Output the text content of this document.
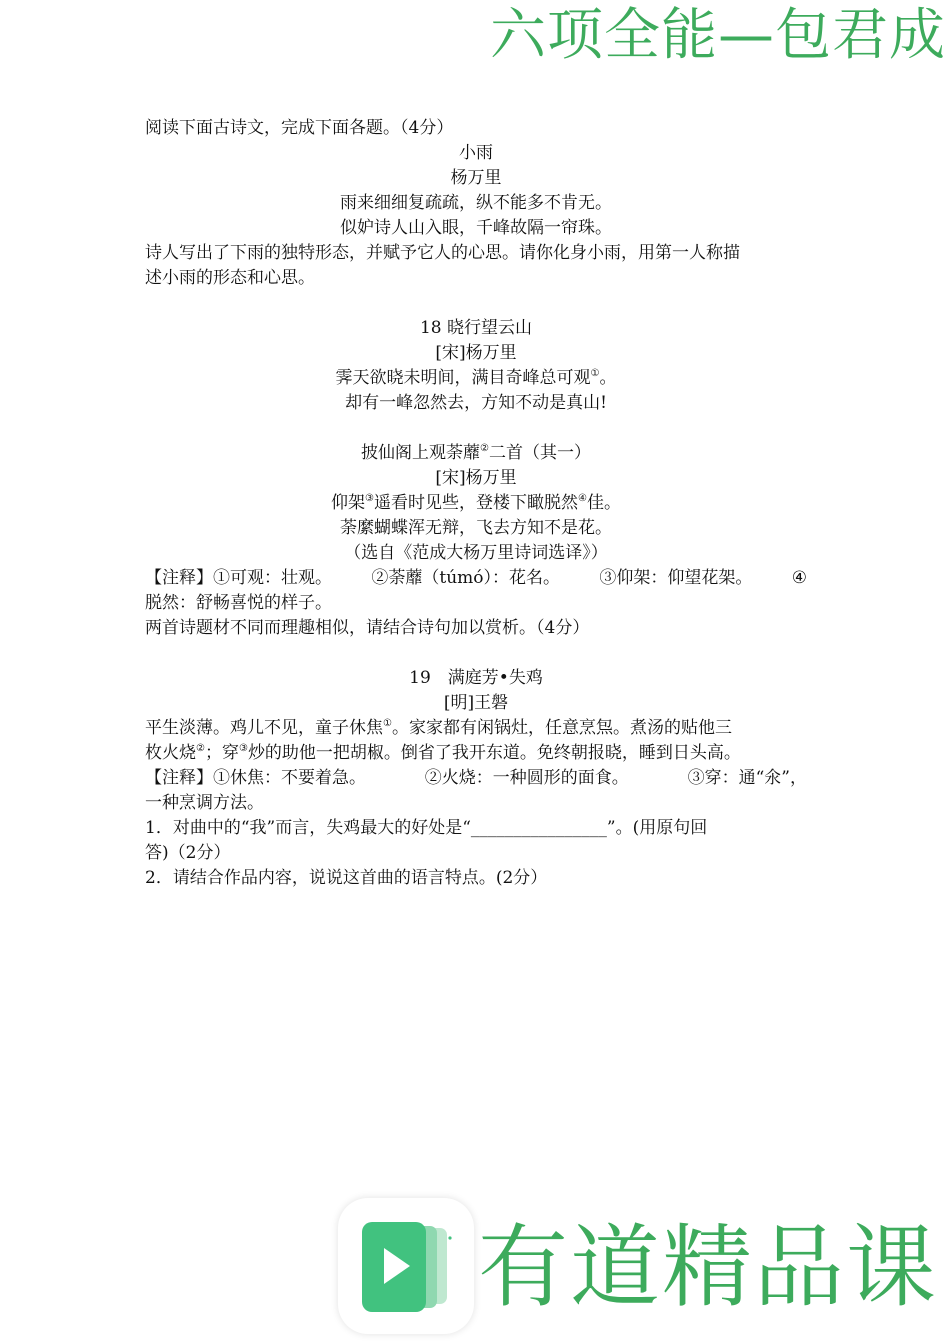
六项全能—包君成
阅读下面古诗文，完成下面各题。（4分）
小雨
杨万里
雨来细细复疏疏，纵不能多不肯无。
似妒诗人山入眼，千峰故隔一帘珠。
诗人写出了下雨的独特形态，并赋予它人的心思。请你化身小雨，用第一人称描
述小雨的形态和心思。
18 晓行望云山
[宋]杨万里
霁天欲晓未明间，满目奇峰总可观①。
却有一峰忽然去，方知不动是真山!
披仙阁上观荼蘼②二首（其一）
[宋]杨万里
仰架③遥看时见些，登楼下瞰脱然④佳。
荼縻蝴蝶浑无辩，飞去方知不是花。
（选自《范成大杨万里诗词选译》）
【注释】①可观：壮观。 ②荼蘼（túmó）：花名。 ③仰架：仰望花架。 ④
脱然：舒畅喜悦的样子。
两首诗题材不同而理趣相似，请结合诗句加以赏析。（4分）
19　满庭芳•失鸡
[明]王磐
平生淡薄。鸡儿不见，童子休焦①。家家都有闲锅灶，任意烹炰。煮汤的贴他三
枚火烧②；穿③炒的助他一把胡椒。倒省了我开东道。免终朝报晓，睡到日头高。
【注释】①休焦：不要着急。	②火烧：一种圆形的面食。	③穿：通“氽”，
一种烹调方法。
1．对曲中的“我”而言，失鸡最大的好处是“________________”。(用原句回
答)（2分）
2．请结合作品内容，说说这首曲的语言特点。(2分）
有道精品课
